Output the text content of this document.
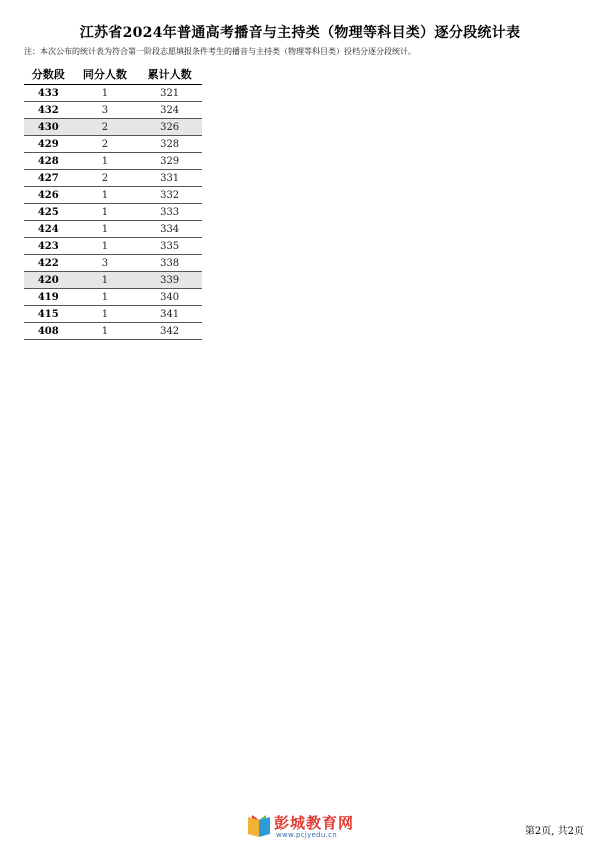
江苏省2024年普通高考播音与主持类（物理等科目类）逐分段统计表
注：本次公布的统计表为符合第一阶段志愿填报条件考生的播音与主持类（物理等科目类）投档分逐分段统计。
分数段	同分人数	累计人数
433	1	321
432	3	324
430	2	326
429	2	328
428	1	329
427	2	331
426	1	332
425	1	333
424	1	334
423	1	335
422	3	338
420	1	339
419	1	340
415	1	341
408	1	342
彭城教育网
www.pcjyedu.cn	第2页, 共2页
